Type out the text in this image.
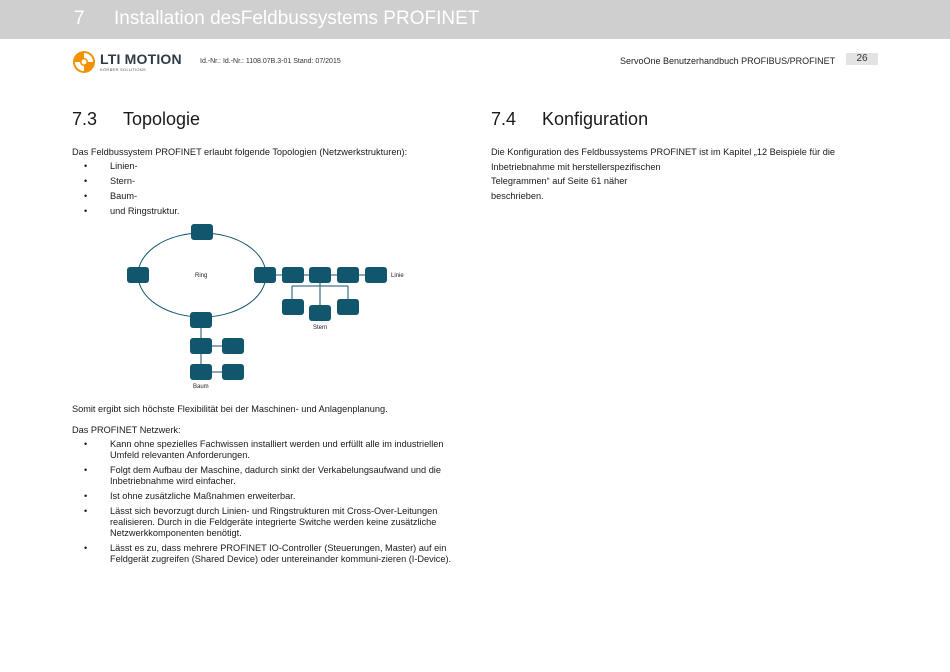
7 Installation desFeldbussystems PROFINET
LTI MOTION
KÖRBER SOLUTIONS
Id.-Nr.: Id.-Nr.: 1108.07B.3-01 Stand: 07/2015	ServoOne Benutzerhandbuch PROFIBUS/PROFINET	26
7.3 Topologie
Das Feldbussystem PROFINET erlaubt folgende Topologien (Netzwerkstrukturen):
• Linien-
• Stern-
• Baum-
• und Ringstruktur.
Ring	Linie
Stern
Baum
Somit ergibt sich höchste Flexibilität bei der Maschinen- und Anlagenplanung.
Das PROFINET Netzwerk:
• Kann ohne spezielles Fachwissen installiert werden und erfüllt alle im industriellen Umfeld relevanten Anforderungen.
• Folgt dem Aufbau der Maschine, dadurch sinkt der Verkabelungsaufwand und die Inbetriebnahme wird einfacher.
• Ist ohne zusätzliche Maßnahmen erweiterbar.
• Lässt sich bevorzugt durch Linien- und Ringstrukturen mit Cross-Over-Leitungen realisieren. Durch in die Feldgeräte integrierte Switche werden keine zusätzliche Netzwerkkomponenten benötigt.
• Lässt es zu, dass mehrere PROFINET IO-Controller (Steuerungen, Master) auf ein Feldgerät zugreifen (Shared Device) oder untereinander kommuni-zieren (I-Device).
7.4 Konfiguration
Die Konfiguration des Feldbussystems PROFINET ist im Kapitel „12 Beispiele für die
Inbetriebnahme mit herstellerspezifischen
Telegrammen“ auf Seite 61 näher
beschrieben.
